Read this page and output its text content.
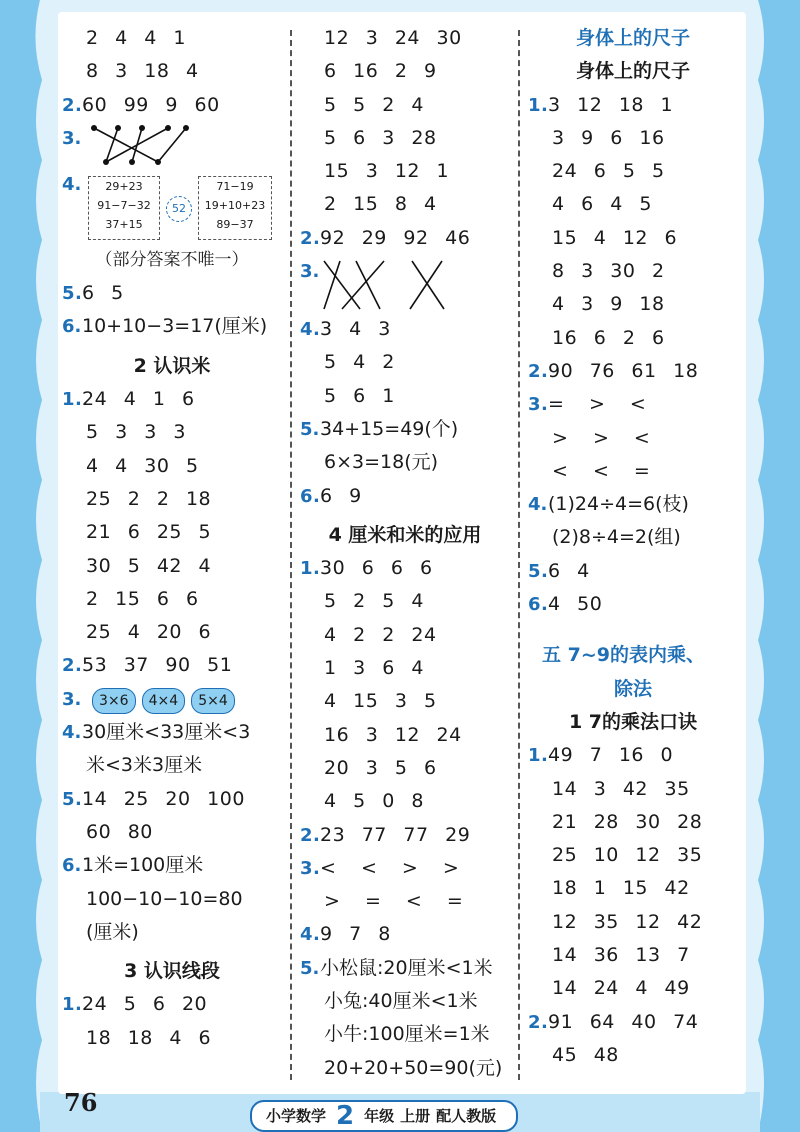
2 4 4 1
8 3 18 4
2.60 99 9 60
3.
4.	29+23
91−7−32
37+15
52
71−19
19+10+23
89−37
（部分答案不唯一）
5.6 5
6.10+10−3=17(厘米)
2 认识米
1.24 4 1 6
5 3 3 3
4 4 30 5
25 2 2 18
21 6 25 5
30 5 42 4
2 15 6 6
25 4 20 6
2.53 37 90 51
3. 3×6 4×4 5×4
4.30厘米<33厘米<3
米<3米3厘米
5.14 25 20 100
60 80
6.1米=100厘米
100−10−10=80
(厘米)
3 认识线段
1.24 5 6 20
18 18 4 6
12 3 24 30
6 16 2 9
5 5 2 4
5 6 3 28
15 3 12 1
2 15 8 4
2.92 29 92 46
3.
4.3 4 3
5 4 2
5 6 1
5.34+15=49(个)
6×3=18(元)
6.6 9
4 厘米和米的应用
1.30 6 6 6
5 2 5 4
4 2 2 24
1 3 6 4
4 15 3 5
16 3 12 24
20 3 5 6
4 5 0 8
2.23 77 77 29
3.< < > >
> = < =
4.9 7 8
5.小松鼠:20厘米<1米
小兔:40厘米<1米
小牛:100厘米=1米
20+20+50=90(元)
身体上的尺子
身体上的尺子
1.3 12 18 1
3 9 6 16
24 6 5 5
4 6 4 5
15 4 12 6
8 3 30 2
4 3 9 18
16 6 2 6
2.90 76 61 18
3.= > <
> > <
< < =
4.(1)24÷4=6(枝)
(2)8÷4=2(组)
5.6 4
6.4 50
五 7~9的表内乘、
除法
1 7的乘法口诀
1.49 7 16 0
14 3 42 35
21 28 30 28
25 10 12 35
18 1 15 42
12 35 12 42
14 36 13 7
14 24 4 49
2.91 64 40 74
45 48
76	小学数学 2 年级 上册 配人教版
